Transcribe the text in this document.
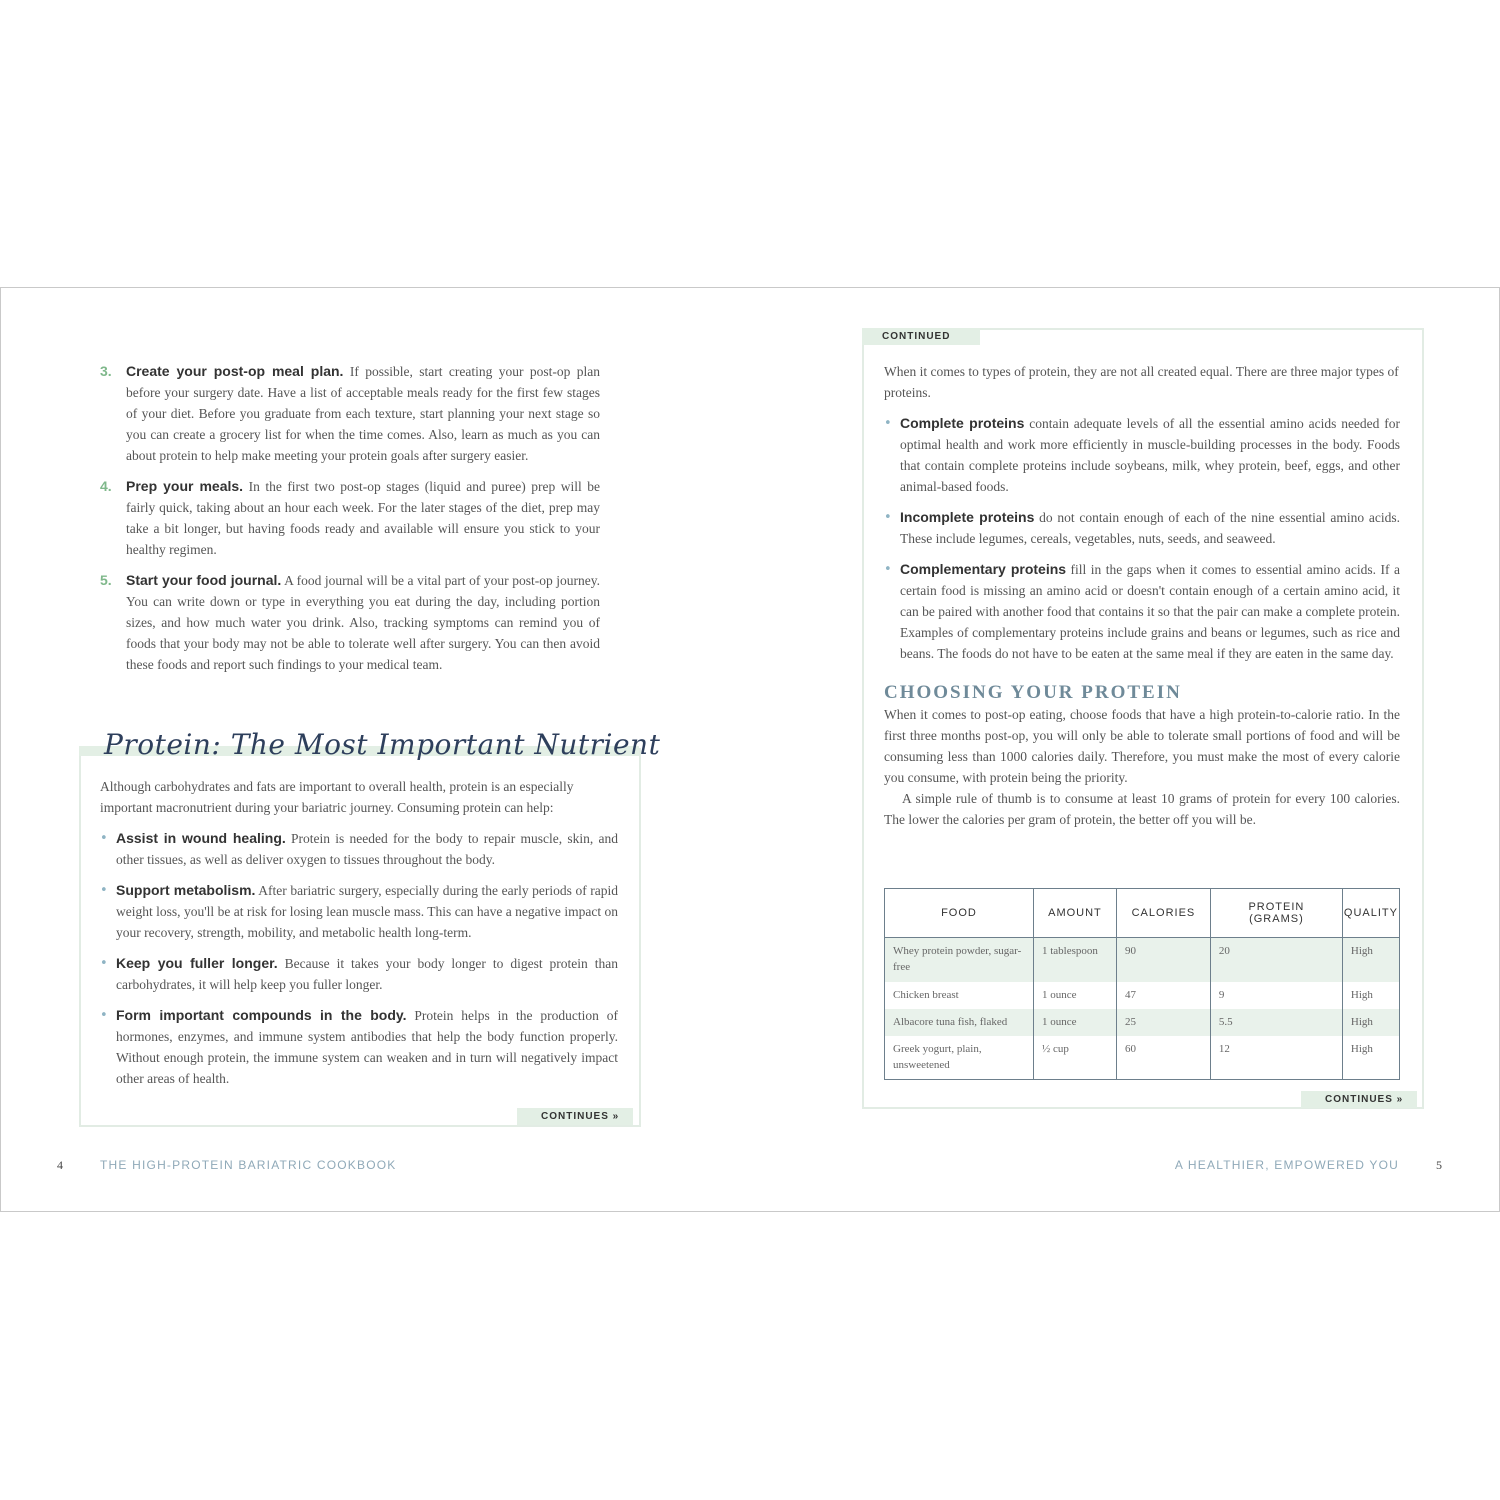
3. Create your post-op meal plan. If possible, start creating your post-op plan before your surgery date. Have a list of acceptable meals ready for the first few stages of your diet. Before you graduate from each texture, start planning your next stage so you can create a grocery list for when the time comes. Also, learn as much as you can about protein to help make meeting your protein goals after surgery easier.
4. Prep your meals. In the first two post-op stages (liquid and puree) prep will be fairly quick, taking about an hour each week. For the later stages of the diet, prep may take a bit longer, but having foods ready and available will ensure you stick to your healthy regimen.
5. Start your food journal. A food journal will be a vital part of your post-op journey. You can write down or type in everything you eat during the day, including portion sizes, and how much water you drink. Also, tracking symptoms can remind you of foods that your body may not be able to tolerate well after surgery. You can then avoid these foods and report such findings to your medical team.
Protein: The Most Important Nutrient
Although carbohydrates and fats are important to overall health, protein is an especially important macronutrient during your bariatric journey. Consuming protein can help:
• Assist in wound healing. Protein is needed for the body to repair muscle, skin, and other tissues, as well as deliver oxygen to tissues throughout the body.
• Support metabolism. After bariatric surgery, especially during the early periods of rapid weight loss, you'll be at risk for losing lean muscle mass. This can have a negative impact on your recovery, strength, mobility, and metabolic health long-term.
• Keep you fuller longer. Because it takes your body longer to digest protein than carbohydrates, it will help keep you fuller longer.
• Form important compounds in the body. Protein helps in the production of hormones, enzymes, and immune system antibodies that help the body function properly. Without enough protein, the immune system can weaken and in turn will negatively impact other areas of health.
CONTINUES »
4	THE HIGH-PROTEIN BARIATRIC COOKBOOK
CONTINUED
When it comes to types of protein, they are not all created equal. There are three major types of proteins.
• Complete proteins contain adequate levels of all the essential amino acids needed for optimal health and work more efficiently in muscle-building processes in the body. Foods that contain complete proteins include soybeans, milk, whey protein, beef, eggs, and other animal-based foods.
• Incomplete proteins do not contain enough of each of the nine essential amino acids. These include legumes, cereals, vegetables, nuts, seeds, and seaweed.
• Complementary proteins fill in the gaps when it comes to essential amino acids. If a certain food is missing an amino acid or doesn't contain enough of a certain amino acid, it can be paired with another food that contains it so that the pair can make a complete protein. Examples of complementary proteins include grains and beans or legumes, such as rice and beans. The foods do not have to be eaten at the same meal if they are eaten in the same day.
CHOOSING YOUR PROTEIN
When it comes to post-op eating, choose foods that have a high protein-to-calorie ratio. In the first three months post-op, you will only be able to tolerate small portions of food and will be consuming less than 1000 calories daily. Therefore, you must make the most of every calorie you consume, with protein being the priority.
A simple rule of thumb is to consume at least 10 grams of protein for every 100 calories. The lower the calories per gram of protein, the better off you will be.
FOOD	AMOUNT	CALORIES	PROTEIN (GRAMS)	QUALITY
Whey protein powder, sugar-free	1 tablespoon	90	20	High
Chicken breast	1 ounce	47	9	High
Albacore tuna fish, flaked	1 ounce	25	5.5	High
Greek yogurt, plain, unsweetened	½ cup	60	12	High
CONTINUES »
A HEALTHIER, EMPOWERED YOU	5
